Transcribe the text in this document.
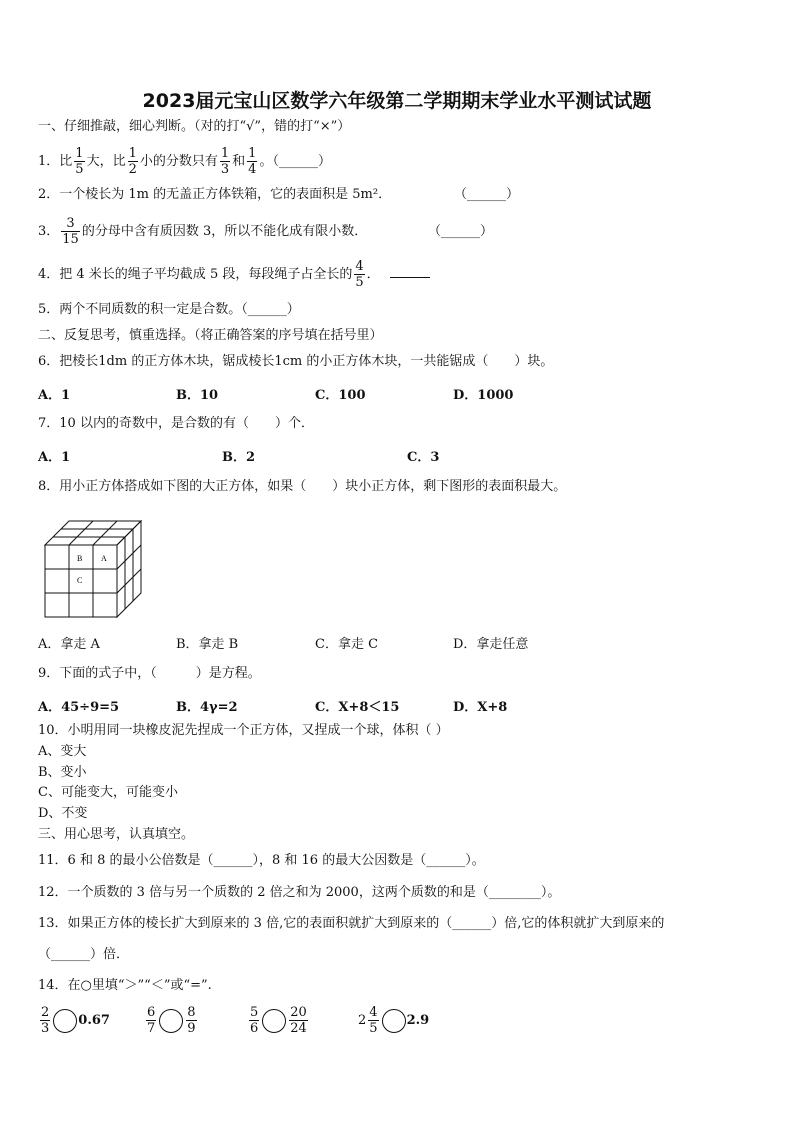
2023届元宝山区数学六年级第二学期期末学业水平测试试题
一、仔细推敲，细心判断。（对的打“√”，错的打“×”）
1．比 $\frac{1}{5}$ 大，比 $\frac{1}{2}$ 小的分数只有 $\frac{1}{3}$ 和 $\frac{1}{4}$ 。（______）
2．一个棱长为 1m 的无盖正方体铁箱，它的表面积是 5m²．	（______）
3． $\frac{3}{15}$ 的分母中含有质因数 3，所以不能化成有限小数．	（______）
4．把 4 米长的绳子平均截成 5 段，每段绳子占全长的 $\frac{4}{5}$ ．
5．两个不同质数的积一定是合数。（______）
二、反复思考，慎重选择。（将正确答案的序号填在括号里）
6．把棱长1dm 的正方体木块，锯成棱长1cm 的小正方体木块，一共能锯成（　　）块。
A．1	B．10	C．100	D．1000
7．10 以内的奇数中，是合数的有（　　）个．
A．1	B．2	C．3
8．用小正方体搭成如下图的大正方体，如果（　　）块小正方体，剩下图形的表面积最大。
B A
C
A．拿走 A	B．拿走 B	C．拿走 C	D．拿走任意
9．下面的式子中，（　　　）是方程。
A．45÷9=5	B．4γ=2	C．X+8＜15	D．X+8
10．小明用同一块橡皮泥先捏成一个正方体，又捏成一个球，体积（ ）
A、变大
B、变小
C、可能变大，可能变小
D、不变
三、用心思考，认真填空。
11．6 和 8 的最小公倍数是（______），8 和 16 的最大公因数是（______）。
12．一个质数的 3 倍与另一个质数的 2 倍之和为 2000，这两个质数的和是（________）。
13．如果正方体的棱长扩大到原来的 3 倍,它的表面积就扩大到原来的（______）倍,它的体积就扩大到原来的
（______）倍．
14．在○里填“＞”“＜”或“=”.
$\frac{2}{3} 0.67$	$\frac{6}{7} \frac{8}{9}$	$\frac{5}{6} \frac{20}{24}$	$2 \frac{4}{5} 2.9$
